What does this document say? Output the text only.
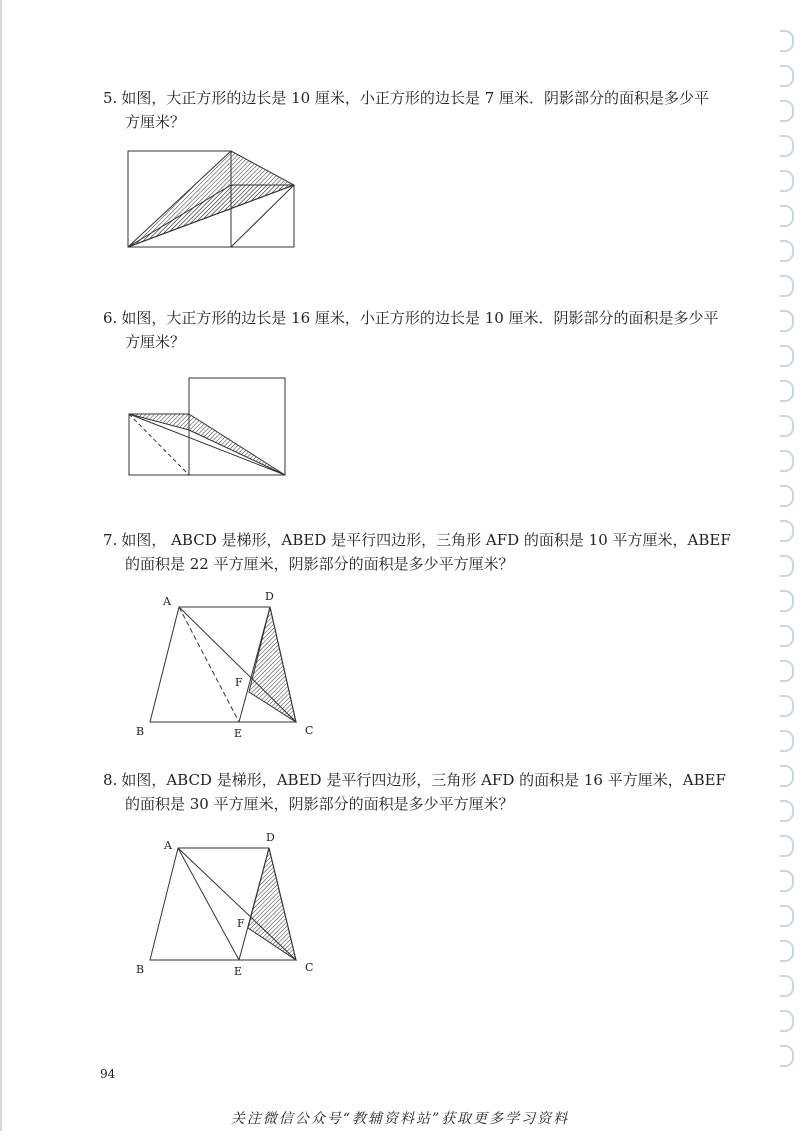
5. 如图，大正方形的边长是 10 厘米，小正方形的边长是 7 厘米．阴影部分的面积是多少平
方厘米？
6. 如图，大正方形的边长是 16 厘米，小正方形的边长是 10 厘米．阴影部分的面积是多少平
方厘米？
7. 如图， ABCD 是梯形，ABED 是平行四边形，三角形 AFD 的面积是 10 平方厘米，ABEF
的面积是 22 平方厘米，阴影部分的面积是多少平方厘米？
A	D
B	E	C
F
8. 如图，ABCD 是梯形，ABED 是平行四边形，三角形 AFD 的面积是 16 平方厘米，ABEF
的面积是 30 平方厘米，阴影部分的面积是多少平方厘米？
A
D
B	E	C
F
94
关注微信公众号“教辅资料站”获取更多学习资料
